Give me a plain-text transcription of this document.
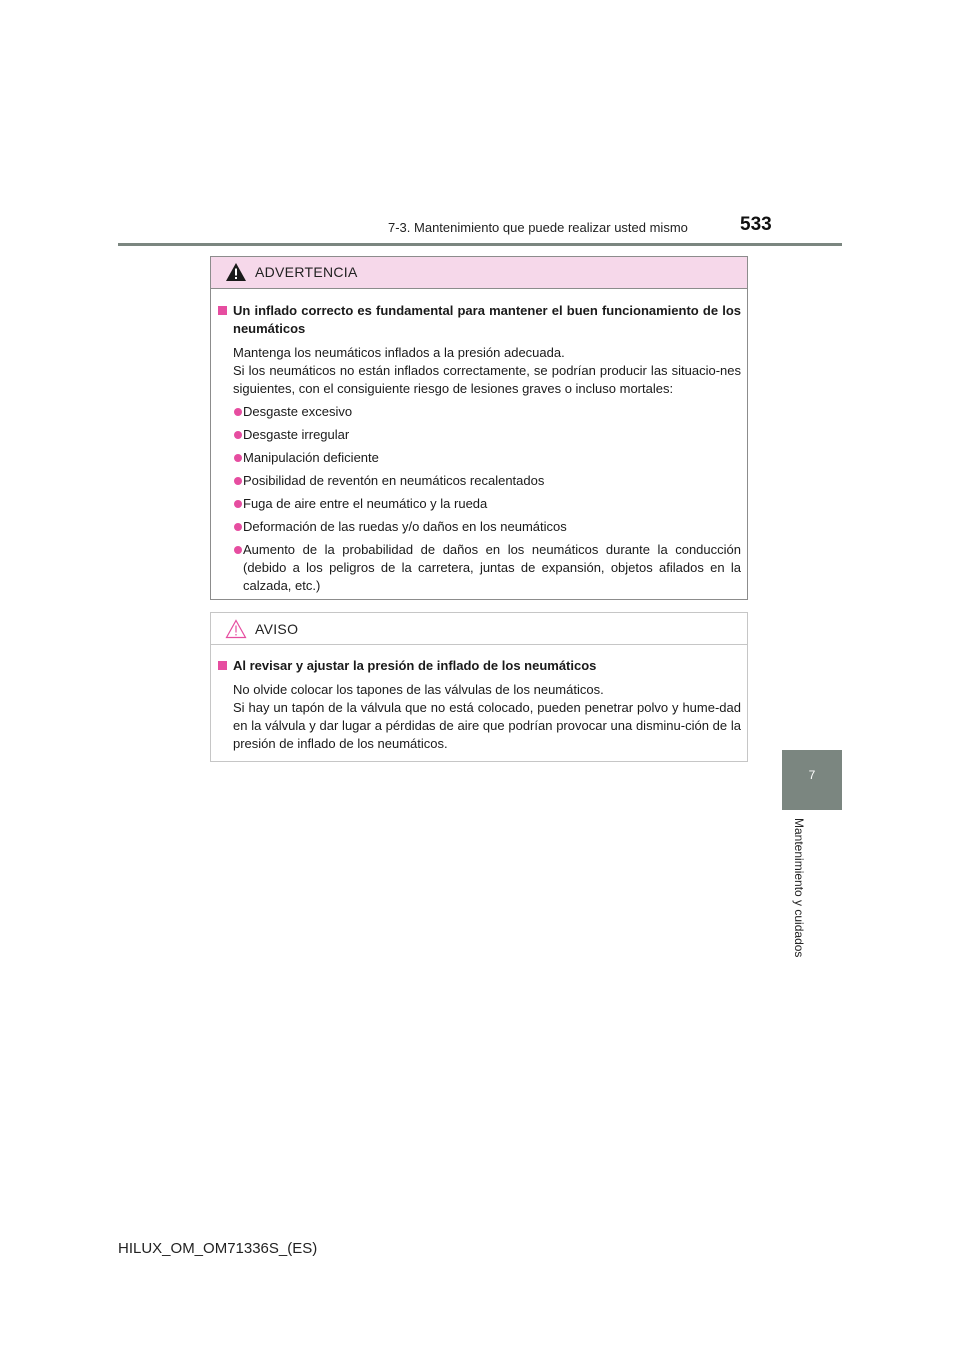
7-3. Mantenimiento que puede realizar usted mismo	533
7
Mantenimiento y cuidados
ADVERTENCIA
Un inflado correcto es fundamental para mantener el buen funcionamiento de los neumáticos
Mantenga los neumáticos inflados a la presión adecuada.
Si los neumáticos no están inflados correctamente, se podrían producir las situacio-nes siguientes, con el consiguiente riesgo de lesiones graves o incluso mortales:
Desgaste excesivo
Desgaste irregular
Manipulación deficiente
Posibilidad de reventón en neumáticos recalentados
Fuga de aire entre el neumático y la rueda
Deformación de las ruedas y/o daños en los neumáticos
Aumento de la probabilidad de daños en los neumáticos durante la conducción (debido a los peligros de la carretera, juntas de expansión, objetos afilados en la calzada, etc.)
AVISO
Al revisar y ajustar la presión de inflado de los neumáticos
No olvide colocar los tapones de las válvulas de los neumáticos.
Si hay un tapón de la válvula que no está colocado, pueden penetrar polvo y hume-dad en la válvula y dar lugar a pérdidas de aire que podrían provocar una disminu-ción de la presión de inflado de los neumáticos.
HILUX_OM_OM71336S_(ES)
